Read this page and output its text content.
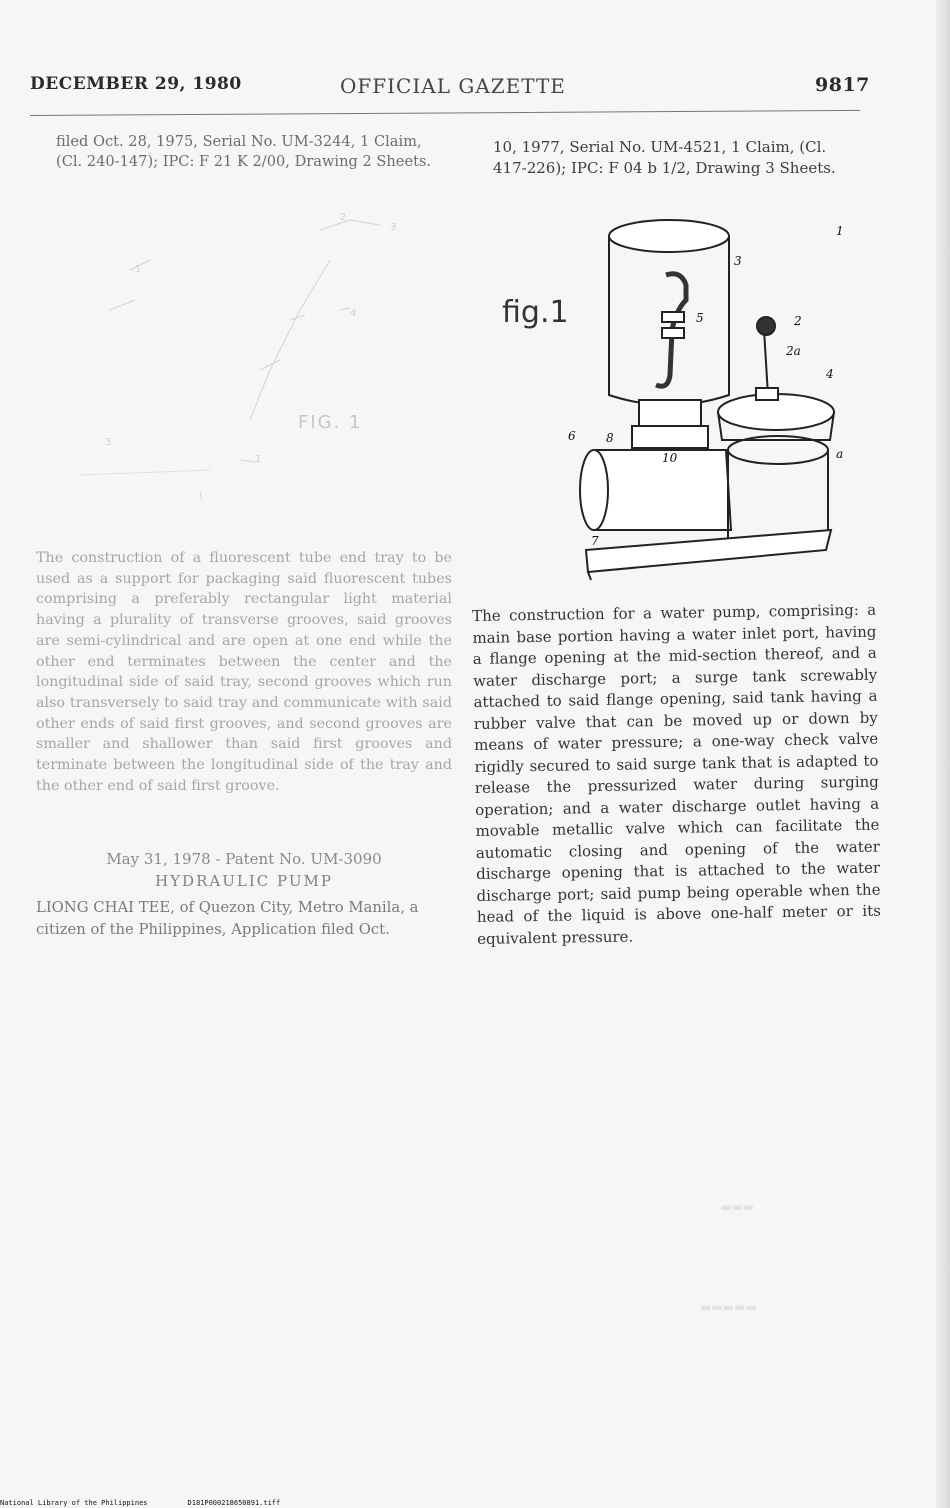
DECEMBER 29, 1980	OFFICIAL GAZETTE	9817
filed Oct. 28, 1975, Serial No. UM-3244, 1 Claim, (Cl. 240-147); IPC: F 21 K 2/00, Drawing 2 Sheets.
2
3
1
4
3
1
FIG. 1
The construction of a fluorescent tube end tray to be used as a support for packaging said fluorescent tubes comprising a preferably rectangular light material having a plurality of transverse grooves, said grooves are semi-cylindrical and are open at one end while the other end terminates between the center and the longitudinal side of said tray, second grooves which run also transversely to said tray and communicate with said other ends of said first grooves, and second grooves are smaller and shallower than said first grooves and terminate between the longitudinal side of the tray and the other end of said first groove.
May 31, 1978 - Patent No. UM-3090
HYDRAULIC PUMP
LIONG CHAI TEE, of Quezon City, Metro Manila, a citizen of the Philippines, Application filed Oct.
10, 1977, Serial No. UM-4521, 1 Claim, (Cl. 417-226); IPC: F 04 b 1/2, Drawing 3 Sheets.
fig.1
1
2
2a
3
4
5
6
7
8
10	a
The construction for a water pump, comprising: a main base portion having a water inlet port, having a flange opening at the mid-section thereof, and a water discharge port; a surge tank screwably attached to said flange opening, said tank having a rubber valve that can be moved up or down by means of water pressure; a one-way check valve rigidly secured to said surge tank that is adapted to release the pressurized water during surging operation; and a water discharge outlet having a movable metallic valve which can facilitate the automatic closing and opening of the water discharge opening that is attached to the water discharge port; said pump being operable when the head of the liquid is above one-half meter or its equivalent pressure.
▬▬▬
▬▬▬▬▬
National Library of the Philippines	D181P000218650891.tiff
